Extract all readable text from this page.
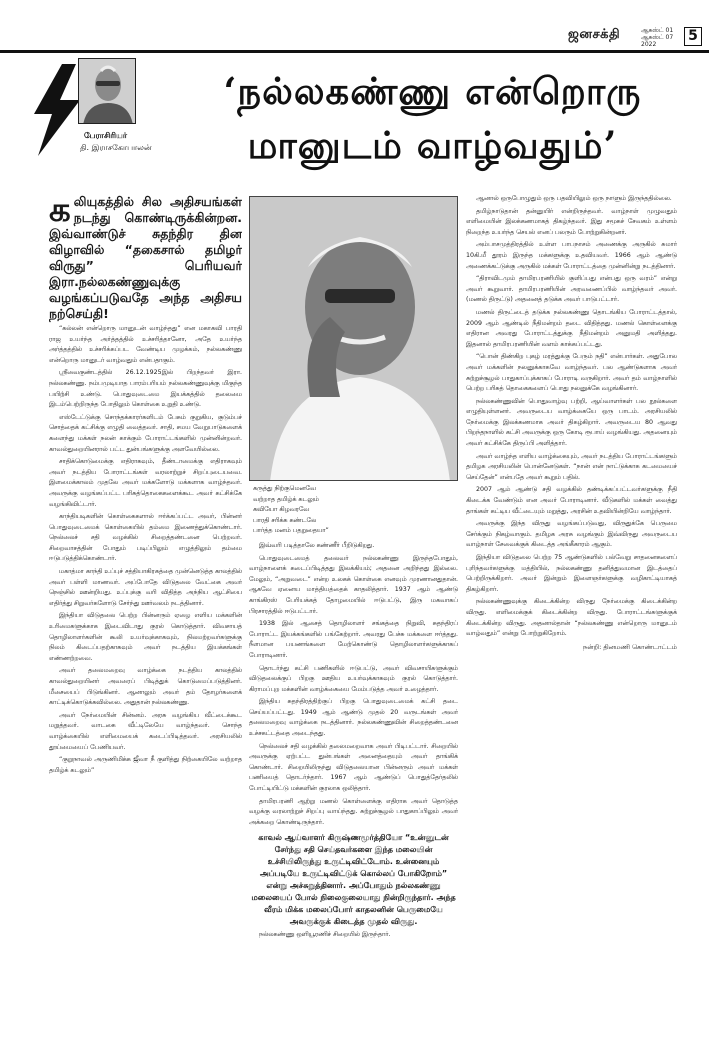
ஜனசக்தி	ஆகஸ்ட் 01
ஆகஸ்ட் 07
2022
5
பேராசிரியர்
தி. இராசகோபாலன்
‘நல்லகண்ணு என்றொரு
மானுடம் வாழ்வதும்’

கலியுகத்தில் சில அதிசயங்கள் நடந்து கொண்டிருக்கின்றன. இவ்வாண்டுச் சுதந்திர தின விழாவில் “தகைசால் தமிழர் விருது” பெரியவர் இரா.நல்லகண்ணுவுக்கு வழங்கப்படுவதே அந்த அதிசய நற்செய்தி!

“கல்லன் என்றொரு மானுடன் வாழ்ந்தது” என மகாகவி பாரதி ராஜ உயர்ந்த அர்த்தத்தில் உச்சரித்தானோ, அதே உயர்ந்த அர்த்தத்தில் உச்சரிக்கப்பட வேண்டிய முழக்கம், நல்லகண்ணு என்றொரு மானுடர் வாழ்வதும் என்பதாகும்.

ஸ்ரீவைகுண்டத்தில் 26.12.1925இல் பிறந்தவர் இரா. நல்லகண்ணு. நம்பமுடியாத பாரம்பரியம் நல்லகண்ணுவுக்கு மிகுந்த பயிற்சி உண்டு. பொதுவுடைமை இயக்கத்தில் தலைமை இடம்பெற்றிருந்த போதிலும் கொள்கை உறுதி உண்டு.

எஸ்டேட்டுக்கு சொந்தக்காரர்களிடம் பேசும் குறுகிய, குடும்பச் சொத்தைக் கட்சிக்கு எழுதி வைத்தவர். சாதி, சமய வேறுபாடுகளைக் களைந்து மக்கள் நலன் காக்கும் போராட்டங்களில் முன்னின்றவர். காவல்துறையினரால் பட்ட துன்பங்களுக்கு அளவேயில்லை.

சாதிக்கொடுமைக்கு எதிராகவும், தீண்டாமைக்கு எதிராகவும் அவர் நடத்திய போராட்டங்கள் வரலாற்றுச் சிறப்புடையவை. இளமைக்காலம் முதலே அவர் மக்களோடு மக்களாக வாழ்ந்தவர். அவருக்கு வழங்கப்பட்ட பரிசுத்தொகைகளைக்கூட அவர் கட்சிக்கே வழங்கிவிட்டார்.

காந்தியடிகளின் கொள்கைகளால் ஈர்க்கப்பட்ட அவர், பின்னர் பொதுவுடைமைக் கொள்கையில் தம்மை இணைத்துக்கொண்டார். நெல்லைச் சதி வழக்கில் சிறைத்தண்டனை பெற்றவர். சிறைவாசத்தின் போதும் படிப்பிலும் எழுத்திலும் தம்மை ஈடுபடுத்திக்கொண்டார்.

மகாத்மா காந்தி உப்புச் சத்தியாகிரகத்தை முன்னெடுத்த காலத்தில் அவர் பள்ளி மாணவர். அப்போதே விடுதலை வேட்கை அவர் நெஞ்சில் ஊன்றியது. உப்புக்கு வரி விதித்த அந்நிய ஆட்சியை எதிர்த்து சிறுவர்களோடு சேர்ந்து ஊர்வலம் நடத்தினார்.

இந்தியா விடுதலை பெற்ற பின்னரும் ஏழை எளிய மக்களின் உரிமைகளுக்காக இடைவிடாது குரல் கொடுத்தார். விவசாயத் தொழிலாளர்களின் கூலி உயர்வுக்காகவும், நிலமற்றவர்களுக்கு நிலம் கிடைப்பதற்காகவும் அவர் நடத்திய இயக்கங்கள் எண்ணற்றவை.

அவர் தலைமறைவு வாழ்க்கை நடத்திய காலத்தில் காவல்துறையினர் அவரைப் பிடித்துக் கொடுமைப்படுத்தினர். மீசையைப் பிடுங்கினர். ஆனாலும் அவர் தம் தோழர்களைக் காட்டிக்கொடுக்கவில்லை. அதுதான் நல்லகண்ணு.

அவர் நேர்மையின் சின்னம். அரசு வழங்கிய வீட்டைக்கூட மறுத்தவர். வாடகை வீட்டிலேயே வாழ்ந்தவர். சொந்த வாழ்க்கையில் எளிமையைக் கடைப்பிடித்தவர். அரசியலில் தூய்மையைப் பேணியவர்.

“குறுநாவல் அருணிமிக்க ஜீவா நீ குளித்து நிற்கையிலே வற்றாத தமிழ்க் கடலும்”

கருத்து நிற்குமெனவே
வற்றாத தமிழ்க் கடலும்
கவியோ கிழவரவே
பாரதி சரிக்க கண்டலே
பார்த்த மனம் பதறுதையா”

இவ்வரி படித்தாலே கண்ணீர் பீறிடுகிறது.

பொதுவுடைமைத் தலைவர் நல்லகண்ணு இருந்தபோதும், வாழ்நாளைக் கடைப்பிடித்தது இலக்கியம்; அதனை அறிந்தது இல்லை. மேலும், “அறுவடை” என்ற உலகக் கொள்கை எனவும் முரணானதுதான். ஆகவே ஏனைய மாத்தியத்தைக் காதலித்தார். 1937 ஆம் ஆண்டு காங்கிரஸ் பேரியக்கத் தோழமையில் ஈடுபட்டு, இரு மகவாகப் பிரசாரத்தில் ஈடுபட்டார்.

1938 இல் ஆசைத் தொழிலாளர் சங்கத்தை நிறுவி, சுதந்திரப் போராட்ட இயக்கங்களில் பங்கேற்றார். அவரது பேச்சு மக்களை ஈர்த்தது. நீளமான பயணங்களை மேற்கொண்டு தொழிலாளர்களுக்காகப் போராடினார்.

தொடர்ந்து கட்சி பணிகளில் ஈடுபட்டு, அவர் விவசாயிகளுக்கும் விடுதலைக்குப் பிறகு ஊதிய உயர்வுக்காகவும் குரல் கொடுத்தார். கிராமப்புற மக்களின் வாழ்க்கையை மேம்படுத்த அவர் உழைத்தார்.

இந்திய சுதந்திரத்திற்குப் பிறகு பொதுவுடைமைக் கட்சி தடை செய்யப்பட்டது. 1949 ஆம் ஆண்டு முதல் 20 வருடங்கள் அவர் தலைமறைவு வாழ்க்கை நடத்தினார். நல்லகண்ணுவின் சிறைத்தண்டனை உச்சகட்டத்தை அடைந்தது.

நெல்லைச் சதி வழக்கில் தலைமறைவாக அவர் பிடிபட்டார். சிறையில் அவருக்கு ஏற்பட்ட துன்பங்கள் அனைத்தையும் அவர் தாங்கிக் கொண்டார். சிறையிலிருந்து விடுதலையான பின்னரும் அவர் மக்கள் பணியைத் தொடர்ந்தார். 1967 ஆம் ஆண்டுப் பொதுத்தேர்தலில் போட்டியிட்டு மக்களின் குரலாக ஒலித்தார்.

தாமிரபரணி ஆற்று மணல் கொள்ளைக்கு எதிராக அவர் தொடுத்த வழக்கு வரலாற்றுச் சிறப்பு வாய்ந்தது. சுற்றுச்சூழல் பாதுகாப்பிலும் அவர் அக்கறை கொண்டிருந்தார்.

காவல் ஆய்வாளர் கிருஷ்ணமூர்த்தியோ “உன்னுடன் சேர்ந்து சதி செய்தவர்களை இந்த மலையின் உச்சியிலிருந்து உருட்டிவிட்டோம். உன்னையும் அப்படியே உருட்டிவிட்டுக் கொல்லப் போகிறோம்” என்று அச்சுறுத்தினார். அப்போதும் நல்லகண்ணு மலையைப் போல் நிலைகுலையாது நின்றிருந்தார். அந்த வீரம் மிக்க மலைப்போர் காதலனின் பெருமையே அவருக்குக் கிடைத்த முதல் விருது.

நல்லகண்ணு ஒளியூரணிச் சிறையில் இருந்தார்.

ஆனால் ஒருபோழுதும் ஒரு பதவியிலும் ஒரு நாளும் இருந்ததில்லை.

தமிழ்நாடுதான் தன்னுயிர் என்றிருந்தவர். வாழ்நாள் முழுவதும் எளிமையின் இலக்கணமாகத் திகழ்ந்தவர். இது சமூகச் சேவகம் உள்ளம் நிறைந்த உயர்ந்த செயல் எனப் பலரும் போற்றுகின்றனர்.

அம்பாசமுத்திரத்தில் உள்ள பாபநாசம் அணைக்கு அருகில் சுமார் 10கி.மீ தூரம் இருந்த மக்களுக்கு உதவியவர். 1966 ஆம் ஆண்டு அணைக்கட்டுக்கு அருகில் மக்கள் போராட்டத்தை முன்னின்று நடத்தினார்.

“திராவிடமும் தாமிரபரணியில் குளிப்பது என்பது ஒரு வரம்” என்று அவர் கூறுவார். தாமிரபரணியின் அரவணைப்பில் வாழ்ந்தவர் அவர். (மணல் திருட்டு) அதனைத் தடுக்க அவர் பாடுபட்டார்.

மணல் திருட்டைத் தடுக்க நல்லகண்ணு தொடங்கிய போராட்டத்தால், 2009 ஆம் ஆண்டில் நீதிமன்றம் தடை விதித்தது. மணல் கொள்ளைக்கு எதிரான அவரது போராட்டத்துக்கு நீதிமன்றம் அனுமதி அளித்தது. இதனால் தாமிரபரணியின் வளம் காக்கப்பட்டது.

“பொன் திண்கிற புகழ் மரத்துக்கு பேரும் நதி” என்பார்கள். அதுபோல அவர் மக்களின் நலனுக்காகவே வாழ்ந்தவர். பல ஆண்டுகளாக அவர் சுற்றுச்சூழல் பாதுகாப்புக்காகப் போராடி வருகிறார். அவர் தம் வாழ்நாளில் பெற்ற பரிசுத் தொகைகளைப் பொது நலனுக்கே வழங்கினார்.

நல்லகண்ணுவின் பொதுவாழ்வு பற்றி, ஆய்வாளர்கள் பல நூல்களை எழுதியுள்ளனர். அவருடைய வாழ்க்கையே ஒரு பாடம். அரசியலில் நேர்மைக்கு இலக்கணமாக அவர் திகழ்கிறார். அவருடைய 80 ஆவது பிறந்தநாளில் கட்சி அவருக்கு ஒரு கோடி ரூபாய் வழங்கியது. அதனையும் அவர் கட்சிக்கே திருப்பி அளித்தார்.

அவர் வாழ்ந்த எளிய வாழ்க்கையும், அவர் நடத்திய போராட்டங்களும் தமிழக அரசியலின் பொன்னேடுகள். “நான் என் நாட்டுக்காக கடமையைச் செய்தேன்” என்பதே அவர் கூறும் பதில்.

2007 ஆம் ஆண்டு சதி வழக்கில் தண்டிக்கப்பட்டவர்களுக்கு நீதி கிடைக்க வேண்டும் என அவர் போராடினார். வீடுகளில் மக்கள் வைத்து தாங்கள் கட்டிய வீட்டையும் மறுத்து, அரசின் உதவியின்றியே வாழ்ந்தார்.

அவருக்கு இந்த விருது வழங்கப்படுவது, விருதுக்கே பெருமை சேர்க்கும் நிகழ்வாகும். தமிழக அரசு வழங்கும் இவ்விருது அவருடைய வாழ்நாள் சேவைக்குக் கிடைத்த அங்கீகாரம் ஆகும்.

இந்தியா விடுதலை பெற்ற 75 ஆண்டுகளில் பல்வேறு சாதனைகளைப் புரிந்தவர்களுக்கு மத்தியில், நல்லகண்ணு தனித்துவமான இடத்தைப் பெற்றிருக்கிறார். அவர் இன்றும் இளைஞர்களுக்கு வழிகாட்டியாகத் திகழ்கிறார்.

நல்லகண்ணுவுக்கு கிடைக்கின்ற விருது நேர்மைக்கு கிடைக்கின்ற விருது. எளிமைக்குக் கிடைக்கின்ற விருது. போராட்டங்களுக்குக் கிடைக்கின்ற விருது. அதனால்தான் “நல்லகண்ணு என்றொரு மானுடம் வாழ்வதும்” என்று போற்றுகிறோம்.

நன்றி: தினமணி கொண்டாட்டம்
